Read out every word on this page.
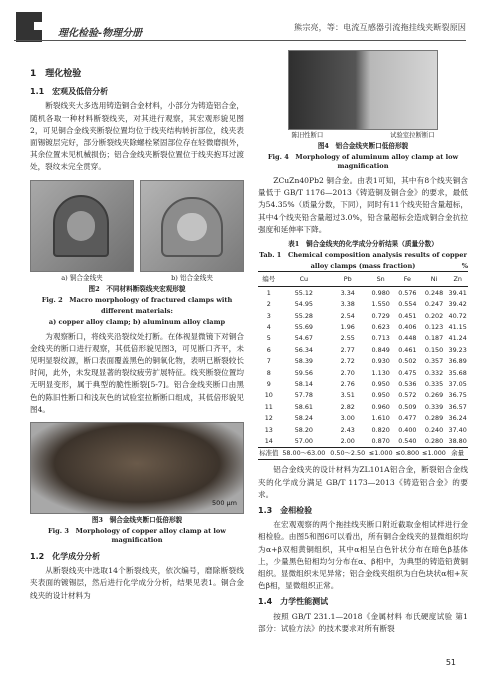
理化检验-物理分册
熊宗亮，等：电流互感器引流拖挂线夹断裂原因
1　理化检验
1.1　宏观及低倍分析

断裂线夹大多选用铸造铜合金材料，小部分为铸造铝合金，随机各取一种材料断裂线夹，对其进行观察，其宏观形貌见图2，可见铜合金线夹断裂位置均位于线夹结构转折部位，线夹表面锡镀层完好，部分断裂线夹除螺栓紧固部位存在轻微磨损外，其余位置未见机械损伤；铝合金线夹断裂位置位于线夹抱耳过渡处，裂纹未完全贯穿。

a) 铜合金线夹	b) 铝合金线夹
图2　不同材料断裂线夹宏观形貌
Fig. 2　Macro morphology of fractured clamps with
different materials:
a) copper alloy clamp; b) aluminum alloy clamp

为观察断口，将线夹沿裂纹处打断。在体视显微镜下对铜合金线夹的断口进行观察，其低倍形貌见图3，可见断口齐平，未见明显裂纹源，断口表面覆盖黑色的铜氧化物，表明已断裂较长时间，此外，未发现显著的裂纹疲劳扩展特征。线夹断裂位置均无明显变形，属于典型的脆性断裂[5-7]。铝合金线夹断口由黑色的陈旧性断口和浅灰色的试验室拉断断口组成，其低倍形貌见图4。

500 μm
图3　铜合金线夹断口低倍形貌
Fig. 3　Morphology of copper alloy clamp at low magnification
1.2　化学成分分析

从断裂线夹中选取14个断裂线夹，依次编号，磨除断裂线夹表面的镀锡层，然后进行化学成分分析，结果见表1。铜合金线夹的设计材料为

陈旧性断口	试验室拉断断口
图4　铝合金线夹断口低倍形貌
Fig. 4　Morphology of aluminum alloy clamp at low magnification

ZCuZn40Pb2 铜合金。由表1可知，其中有8个线夹铜含量低于 GB/T 1176—2013《铸造铜及铜合金》的要求，最低为54.35%（质量分数，下同），同时有11个线夹铅含量超标，其中4个线夹铅含量超过3.0%，铅含量超标会造成铜合金抗拉强度和延伸率下降。

表1　铜合金线夹的化学成分分析结果（质量分数）
Tab. 1　Chemical composition analysis results of copper
alloy clamps (mass fraction)	%
编号	Cu	Pb	Sn	Fe	Ni	Zn
1	55.12	3.34	0.980	0.576	0.248	39.41
2	54.95	3.38	1.550	0.554	0.247	39.42
3	55.28	2.54	0.729	0.451	0.202	40.72
4	55.69	1.96	0.623	0.406	0.123	41.15
5	54.67	2.55	0.713	0.448	0.187	41.24
6	56.34	2.77	0.849	0.461	0.150	39.23
7	58.39	2.72	0.930	0.502	0.357	36.89
8	59.56	2.70	1.130	0.475	0.332	35.68
9	58.14	2.76	0.950	0.536	0.335	37.05
10	57.78	3.51	0.950	0.572	0.269	36.75
11	58.61	2.82	0.960	0.509	0.339	36.57
12	58.24	3.00	1.610	0.477	0.289	36.24
13	58.20	2.43	0.820	0.400	0.240	37.40
14	57.00	2.00	0.870	0.540	0.280	38.80
标准值	58.00～63.00	0.50～2.50	≤1.000	≤0.800	≤1.000	余量

铝合金线夹的设计材料为ZL101A铝合金，断裂铝合金线夹的化学成分满足 GB/T 1173—2013《铸造铝合金》的要求。

1.3　金相检验

在宏观观察的两个拖挂线夹断口附近截取金相试样进行金相检验。由图5和图6可以看出，所有铜合金线夹的显微组织均为α+β双相黄铜组织，其中α相呈白色针状分布在暗色β基体上，少量黑色铅相均匀分布在α、β相中，为典型的铸造铅黄铜组织。显微组织未见异常；铝合金线夹组织为白色块状α相+灰色β相，显微组织正常。

1.4　力学性能测试

按照 GB/T 231.1—2018《金属材料 布氏硬度试验 第1部分：试验方法》的技术要求对所有断裂

51
